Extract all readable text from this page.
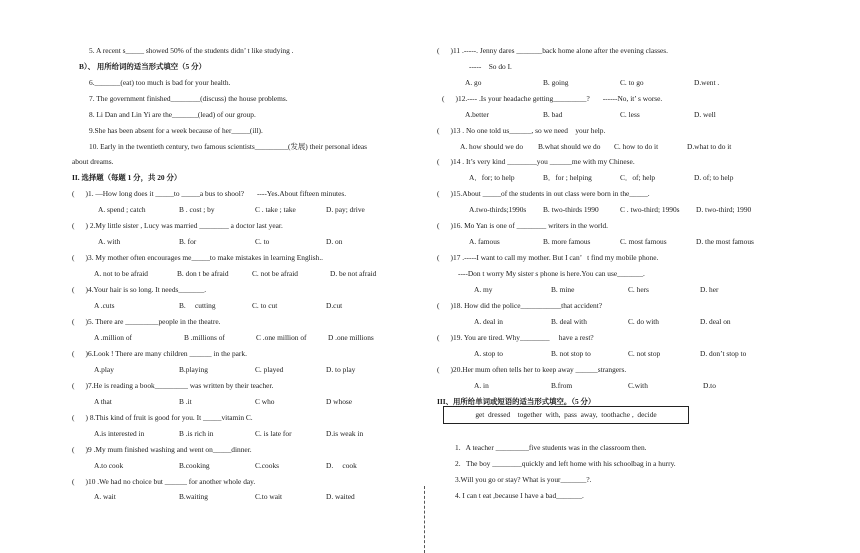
5. A recent s_____ showed 50% of the students didn’ t like studying .
B）、 用所给词的适当形式填空（5 分）
6._______(eat) too much is bad for your health.
7. The government finished________(discuss) the house problems.
8. Li Dan and Lin Yi are the_______(lead) of our group.
9.She has been absent for a week because of her_____(ill).
10. Early in the twentieth century, two famous scientists_________(发展) their personal ideas
about dreams.
II. 选择题（每题 1 分，共 20 分）
(      )1. —How long does it _____to _____a bus to shool?       ----Yes.About fifteen minutes.
A. spend ; catch	B . cost ; by	C . take ; take	D. pay; drive
(      ) 2.My little sister , Lucy was married ________ a doctor last year.
A. with	B. for	C. to	D. on
(      )3. My mother often encourages me_____to make mistakes in learning English..
A. not to be afraid	B. don t be afraid	C. not be afraid	D. be not afraid
(      )4.Your hair is so long. It needs_______.
A .cuts	B.     cutting	C. to cut	D.cut
(      )5. There are _________people in the theatre.
A .million of	B .millions of	C .one million of	D .one millions
(      )6.Look ! There are many children ______ in the park.
A.play	B.playing	C. played	D. to play
(      )7.He is reading a book_________ was written by their teacher.
A that	B .it	C who	D whose
(      ) 8.This kind of fruit is good for you. It _____vitamin C.
A.is interested in	B .is rich in	C. is late for	D.is weak in
(      )9 .My mum finished washing and went on_____dinner.
A.to cook	B.cooking	C.cooks	D.     cook
(      )10 .We had no choice but ______ for another whole day.
A. wait	B.waiting	C.to wait	D. waited
(      )11 .-----. Jenny dares _______back home alone after the evening classes.
-----    So do I.
A. go	B. going	C. to go	D.went .
(      )12.---- .Is your headache getting_________?       ------No, it’ s worse.
A.better	B. bad	C. less	D. well
(      )13 . No one told us______, so we need    your help.
A. how should we do B.what should we do C. how to do it	D.what to do it
(      )14 . It’s very kind ________you ______me with my Chinese.
A．for; to help	B．for ; helping	C．of; help	D. of; to help
(      )15.About _____of the students in out class were born in the_____.
A.two-thirds;1990s B. two-thirds 1990	C . two-third; 1990s D. two-third; 1990
(      )16. Mo Yan is one of ________ writers in the world.
A. famous	B. more famous	C. most famous	D. the most famous
(      )17 .-----I want to call my mother. But I can’   t find my mobile phone.
----Don t worry My sister s phone is here.You can use_______.
A. my	B. mine	C. hers	D. her
(      )18. How did the police___________that accident?
A. deal in	B. deal with	C. do with	D. deal on
(      )19. You are tired. Why________     have a rest?
A. stop to	B. not stop to	C. not stop	D. don’t stop to
(      )20.Her mum often tells her to keep away ______strangers.
A. in	B.from	C.with	D.to
III、用所给单词或短语的适当形式填空。（5 分）
1.   A teacher _________five students was in the classroom then.
2.   The boy ________quickly and left home with his schoolbag in a hurry.
3.Will you go or stay? What is your_______?.
4. I can t eat ,because I have a bad_______.
get  dressed    together  with,  pass  away,  toothache ,  decide
